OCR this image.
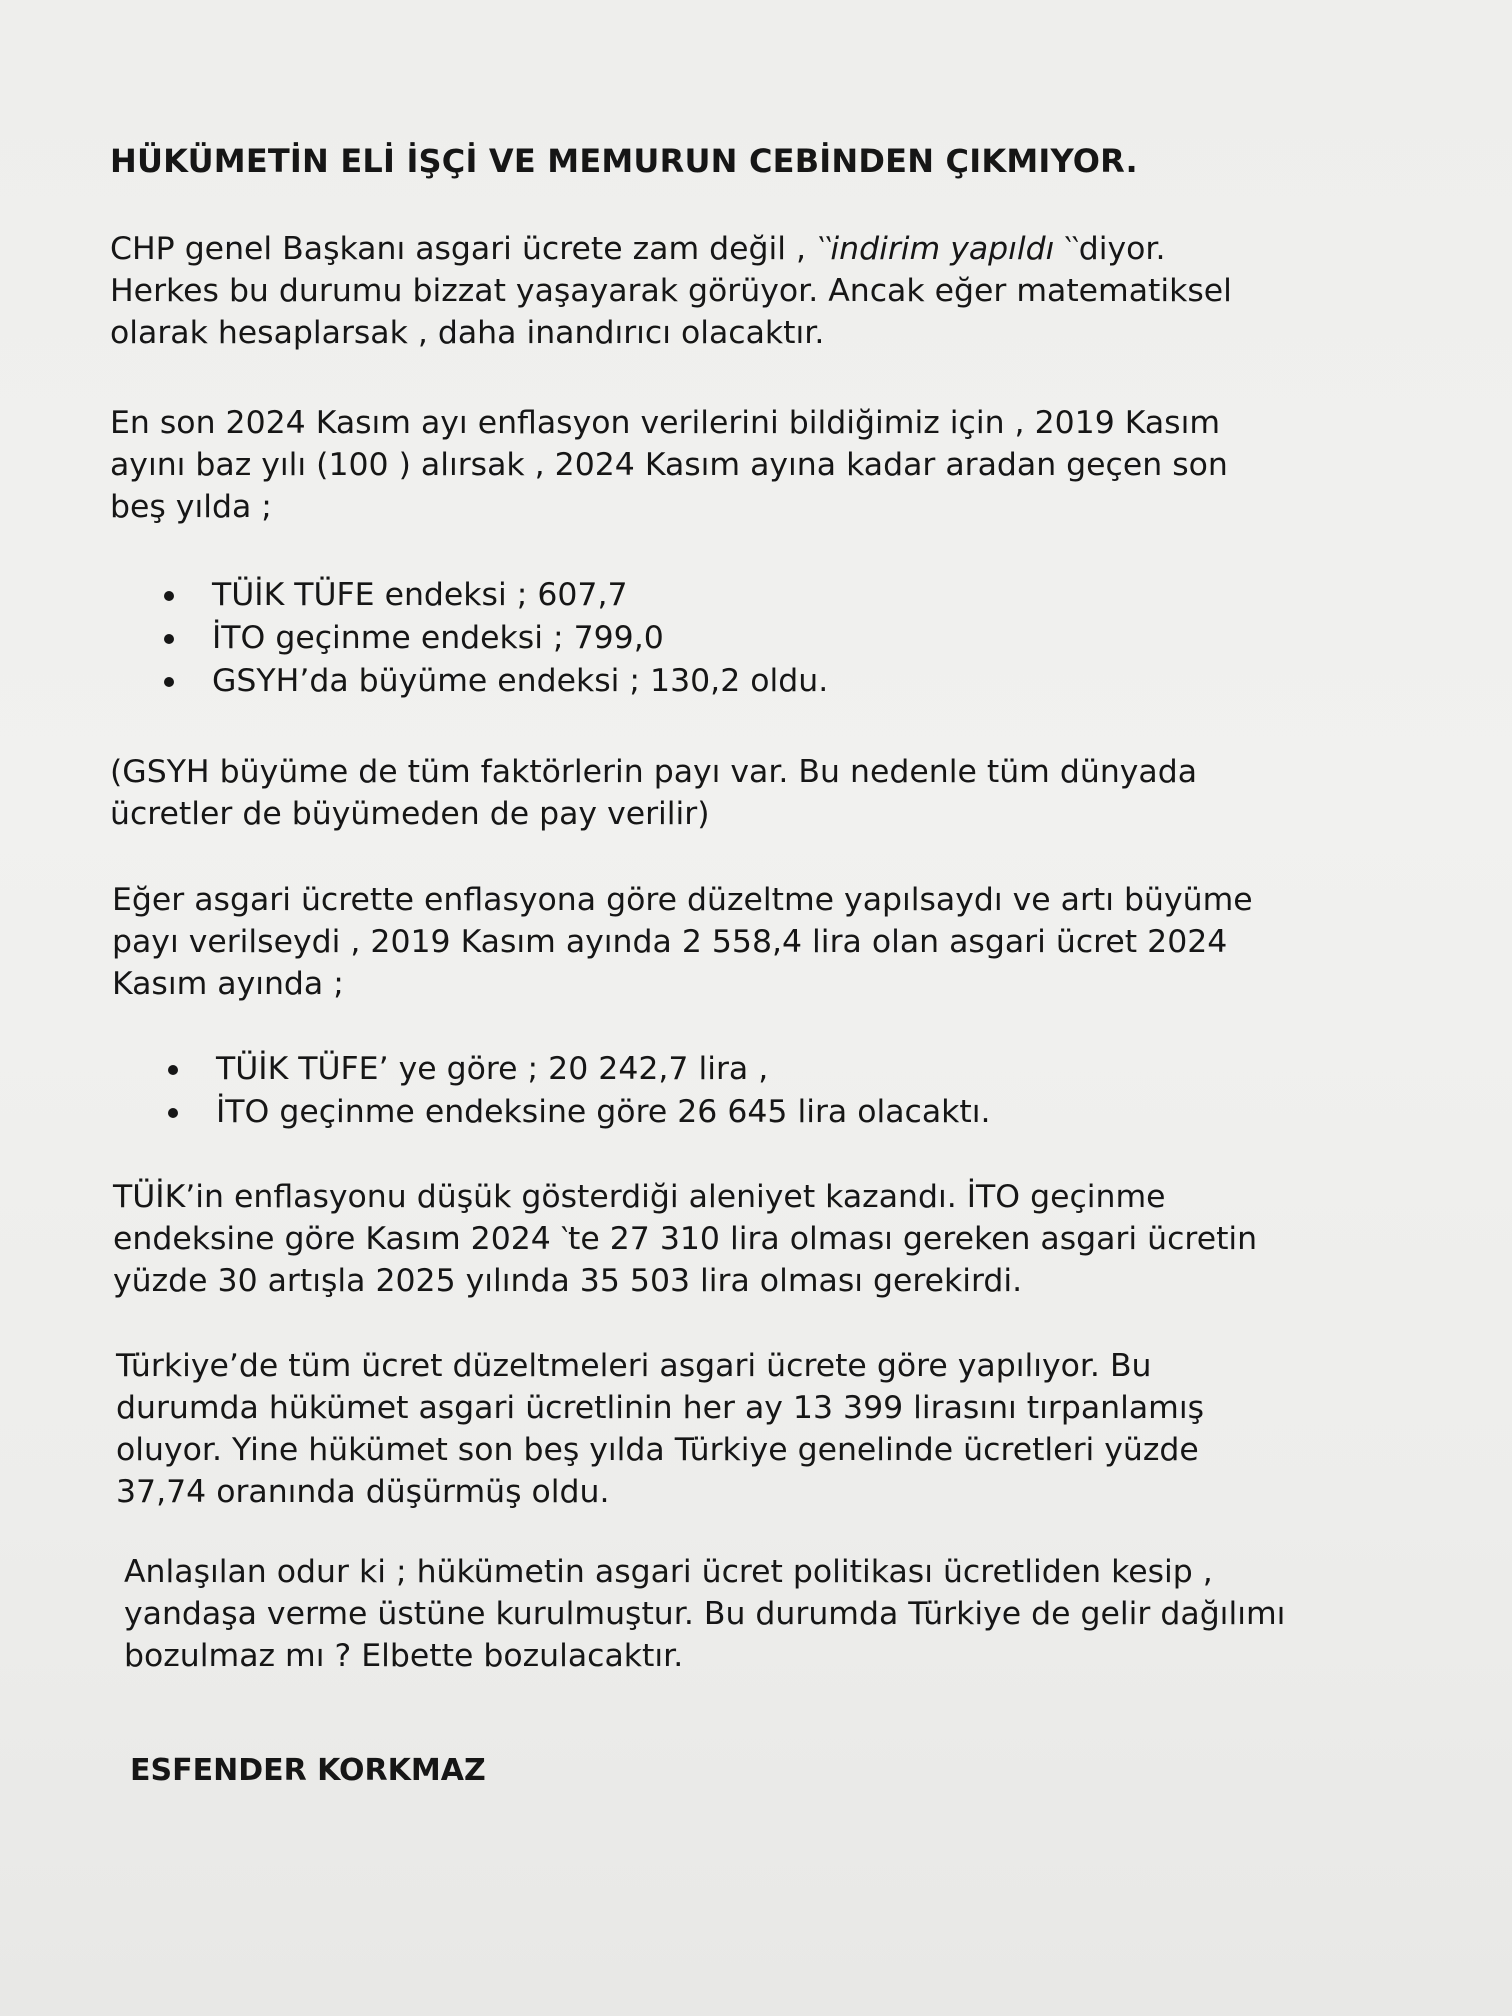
HÜKÜMETİN ELİ İŞÇİ VE MEMURUN CEBİNDEN ÇIKMIYOR.
CHP genel Başkanı asgari ücrete zam değil , ‵‵indirim yapıldı ‵‵diyor.
Herkes bu durumu bizzat yaşayarak görüyor. Ancak eğer matematiksel
olarak hesaplarsak , daha inandırıcı olacaktır.
En son 2024 Kasım ayı enflasyon verilerini bildiğimiz için , 2019 Kasım
ayını baz yılı (100 ) alırsak , 2024 Kasım ayına kadar aradan geçen son
beş yılda ;
TÜİK TÜFE endeksi ; 607,7
İTO geçinme endeksi ; 799,0
GSYH’da büyüme endeksi ; 130,2 oldu.
(GSYH büyüme de tüm faktörlerin payı var. Bu nedenle tüm dünyada
ücretler de büyümeden de pay verilir)
Eğer asgari ücrette enflasyona göre düzeltme yapılsaydı ve artı büyüme
payı verilseydi , 2019 Kasım ayında 2 558,4 lira olan asgari ücret 2024
Kasım ayında ;
TÜİK TÜFE’ ye göre ; 20 242,7 lira ,
İTO geçinme endeksine göre 26 645 lira olacaktı.
TÜİK’in enflasyonu düşük gösterdiği aleniyet kazandı. İTO geçinme
endeksine göre Kasım 2024 ‵te 27 310 lira olması gereken asgari ücretin
yüzde 30 artışla 2025 yılında 35 503 lira olması gerekirdi.
Türkiye’de tüm ücret düzeltmeleri asgari ücrete göre yapılıyor. Bu
durumda hükümet asgari ücretlinin her ay 13 399 lirasını tırpanlamış
oluyor. Yine hükümet son beş yılda Türkiye genelinde ücretleri yüzde
37,74 oranında düşürmüş oldu.
Anlaşılan odur ki ; hükümetin asgari ücret politikası ücretliden kesip ,
yandaşa verme üstüne kurulmuştur. Bu durumda Türkiye de gelir dağılımı
bozulmaz mı ? Elbette bozulacaktır.
ESFENDER KORKMAZ
